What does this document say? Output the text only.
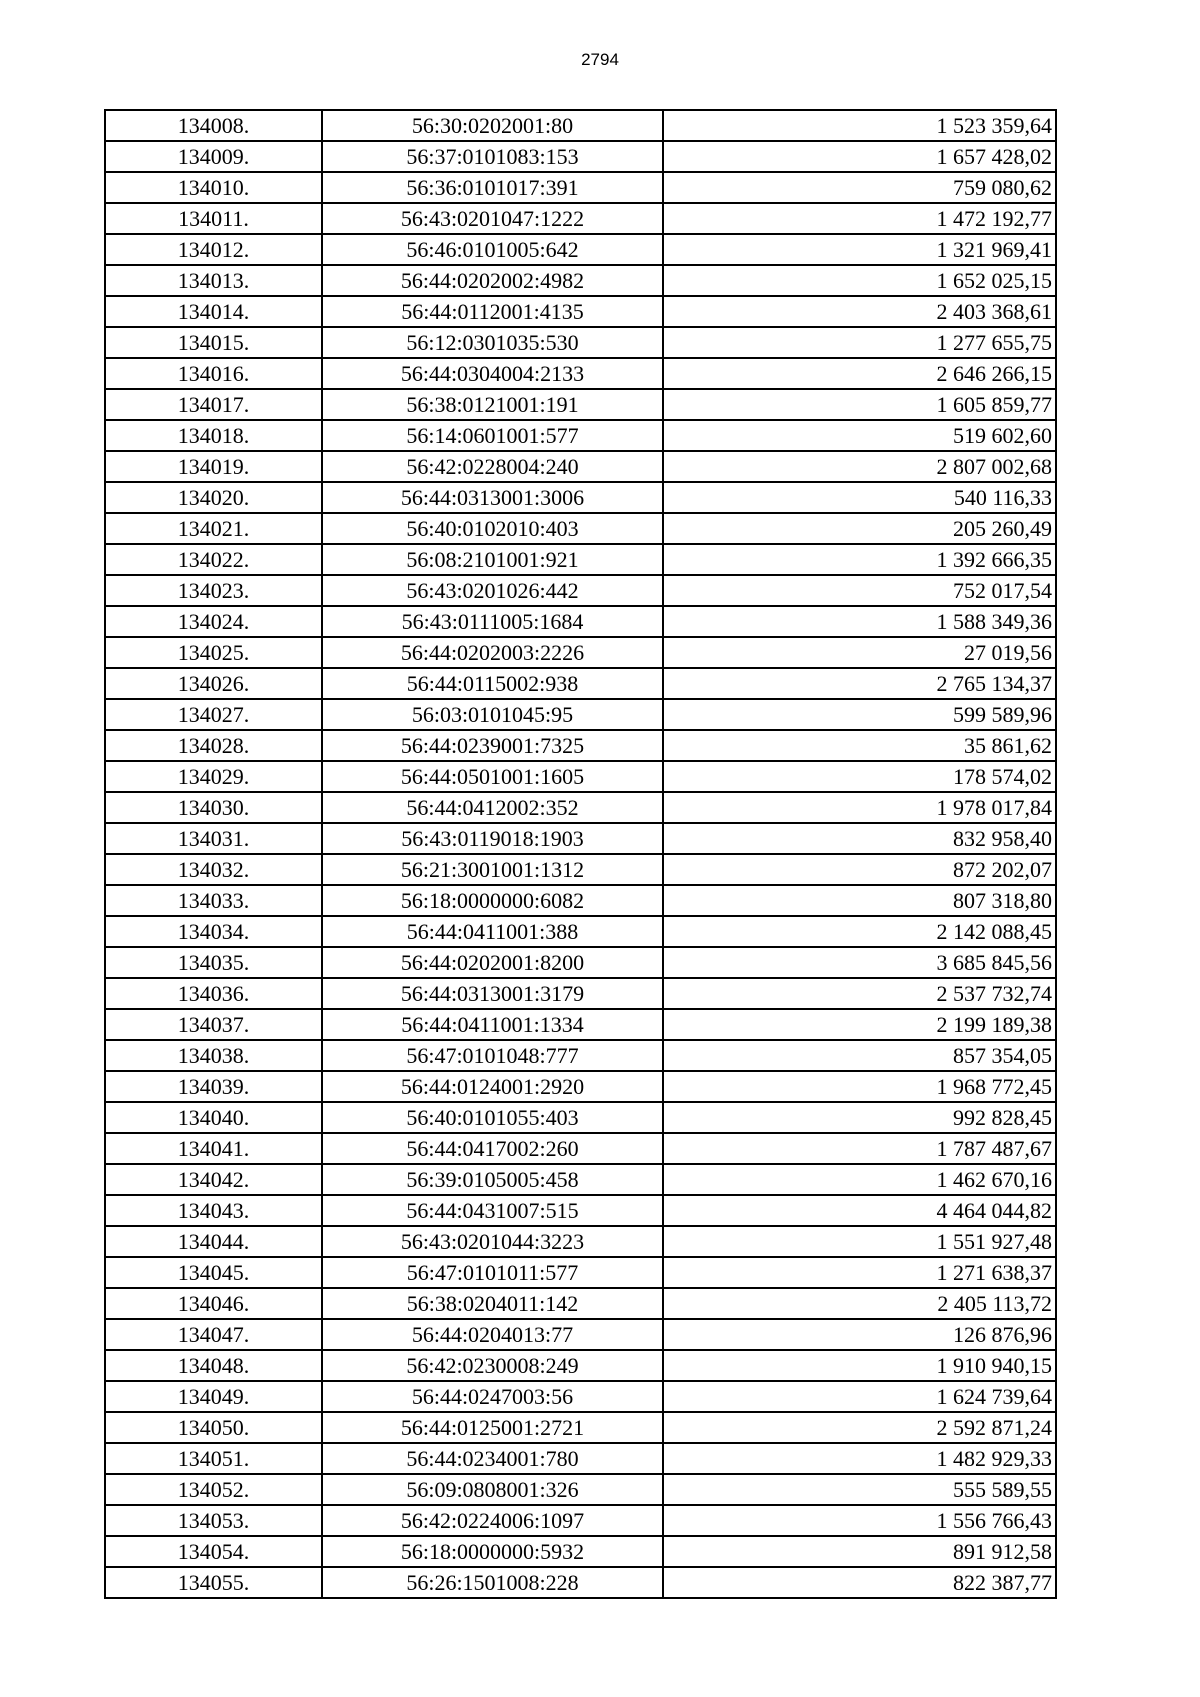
2794
134008.	56:30:0202001:80	1 523 359,64
134009.	56:37:0101083:153	1 657 428,02
134010.	56:36:0101017:391	759 080,62
134011.	56:43:0201047:1222	1 472 192,77
134012.	56:46:0101005:642	1 321 969,41
134013.	56:44:0202002:4982	1 652 025,15
134014.	56:44:0112001:4135	2 403 368,61
134015.	56:12:0301035:530	1 277 655,75
134016.	56:44:0304004:2133	2 646 266,15
134017.	56:38:0121001:191	1 605 859,77
134018.	56:14:0601001:577	519 602,60
134019.	56:42:0228004:240	2 807 002,68
134020.	56:44:0313001:3006	540 116,33
134021.	56:40:0102010:403	205 260,49
134022.	56:08:2101001:921	1 392 666,35
134023.	56:43:0201026:442	752 017,54
134024.	56:43:0111005:1684	1 588 349,36
134025.	56:44:0202003:2226	27 019,56
134026.	56:44:0115002:938	2 765 134,37
134027.	56:03:0101045:95	599 589,96
134028.	56:44:0239001:7325	35 861,62
134029.	56:44:0501001:1605	178 574,02
134030.	56:44:0412002:352	1 978 017,84
134031.	56:43:0119018:1903	832 958,40
134032.	56:21:3001001:1312	872 202,07
134033.	56:18:0000000:6082	807 318,80
134034.	56:44:0411001:388	2 142 088,45
134035.	56:44:0202001:8200	3 685 845,56
134036.	56:44:0313001:3179	2 537 732,74
134037.	56:44:0411001:1334	2 199 189,38
134038.	56:47:0101048:777	857 354,05
134039.	56:44:0124001:2920	1 968 772,45
134040.	56:40:0101055:403	992 828,45
134041.	56:44:0417002:260	1 787 487,67
134042.	56:39:0105005:458	1 462 670,16
134043.	56:44:0431007:515	4 464 044,82
134044.	56:43:0201044:3223	1 551 927,48
134045.	56:47:0101011:577	1 271 638,37
134046.	56:38:0204011:142	2 405 113,72
134047.	56:44:0204013:77	126 876,96
134048.	56:42:0230008:249	1 910 940,15
134049.	56:44:0247003:56	1 624 739,64
134050.	56:44:0125001:2721	2 592 871,24
134051.	56:44:0234001:780	1 482 929,33
134052.	56:09:0808001:326	555 589,55
134053.	56:42:0224006:1097	1 556 766,43
134054.	56:18:0000000:5932	891 912,58
134055.	56:26:1501008:228	822 387,77
